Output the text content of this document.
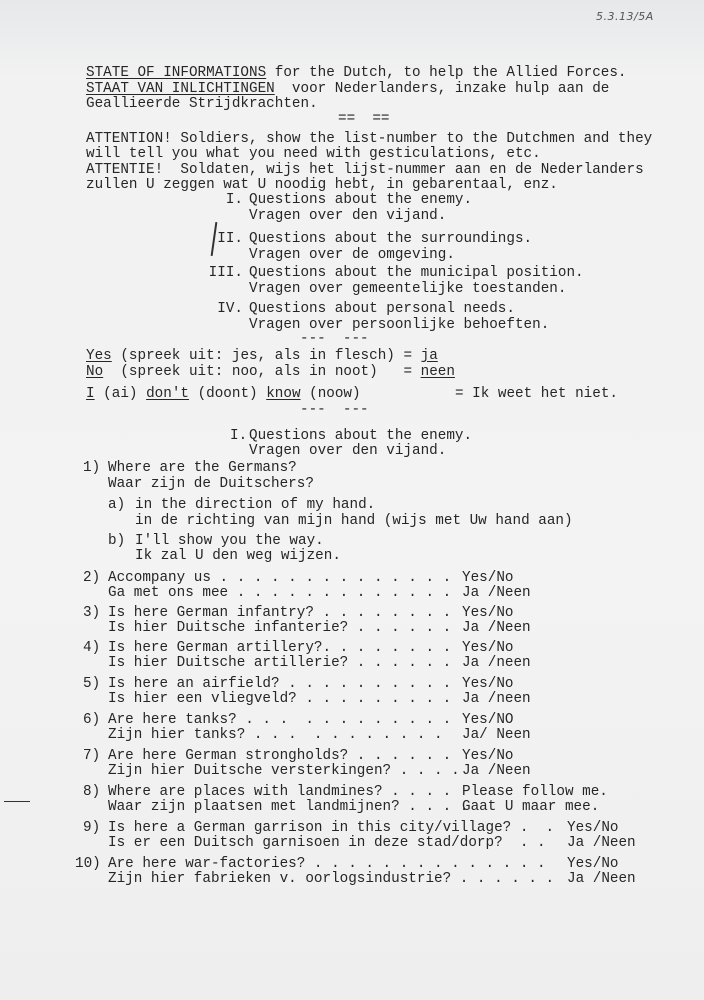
5.3.13/5A
STATE OF INFORMATIONS for the Dutch, to help the Allied Forces.
STAAT VAN INLICHTINGEN  voor Nederlanders, inzake hulp aan de
Geallieerde Strijdkrachten.
==  ==
ATTENTION! Soldiers, show the list-number to the Dutchmen and they
will tell you what you need with gesticulations, etc.
ATTENTIE!  Soldaten, wijs het lijst-nummer aan en de Nederlanders
zullen U zeggen wat U noodig hebt, in gebarentaal, enz.
I. Questions about the enemy.
Vragen over den vijand.
II. Questions about the surroundings.
Vragen over de omgeving.
III. Questions about the municipal position.
Vragen over gemeentelijke toestanden.
IV. Questions about personal needs.
Vragen over persoonlijke behoeften.
---  ---
Yes (spreek uit: jes, als in flesch) = ja
No  (spreek uit: noo, als in noot)   = neen
I (ai) don't (doont) know (noow)           = Ik weet het niet.
---  ---
I. Questions about the enemy.
Vragen over den vijand.
1) Where are the Germans?
Waar zijn de Duitschers?
a) in the direction of my hand.
in de richting van mijn hand (wijs met Uw hand aan)
b) I'll show you the way.
Ik zal U den weg wijzen.
2) Accompany us . . . . . . . . . . . . . .
Ga met ons mee . . . . . . . . . . . . .
Yes/No
Ja /Neen
3) Is here German infantry? . . . . . . . .
Is hier Duitsche infanterie? . . . . . .
Yes/No
Ja /Neen
4) Is here German artillery?. . . . . . . .
Is hier Duitsche artillerie? . . . . . .
Yes/No
Ja /neen
5) Is here an airfield? . . . . . . . . . .
Is hier een vliegveld? . . . . . . . . .
Yes/No
Ja /neen
6) Are here tanks? . . .  . . . . . . . . .
Zijn hier tanks? . . .  . . . . . . . .
Yes/NO
Ja/ Neen
7) Are here German strongholds? . . . . . .
Zijn hier Duitsche versterkingen? . . . .
Yes/No
Ja /Neen
8) Where are places with landmines? . . . .
Waar zijn plaatsen met landmijnen? . . . .
Please follow me.
Gaat U maar mee.
9) Is here a German garrison in this city/village? .  .
Is er een Duitsch garnisoen in deze stad/dorp?  . .
Yes/No
Ja /Neen
10) Are here war-factories? . . . . . . . . . . . . . .
Zijn hier fabrieken v. oorlogsindustrie? . . . . . .
Yes/No
Ja /Neen
